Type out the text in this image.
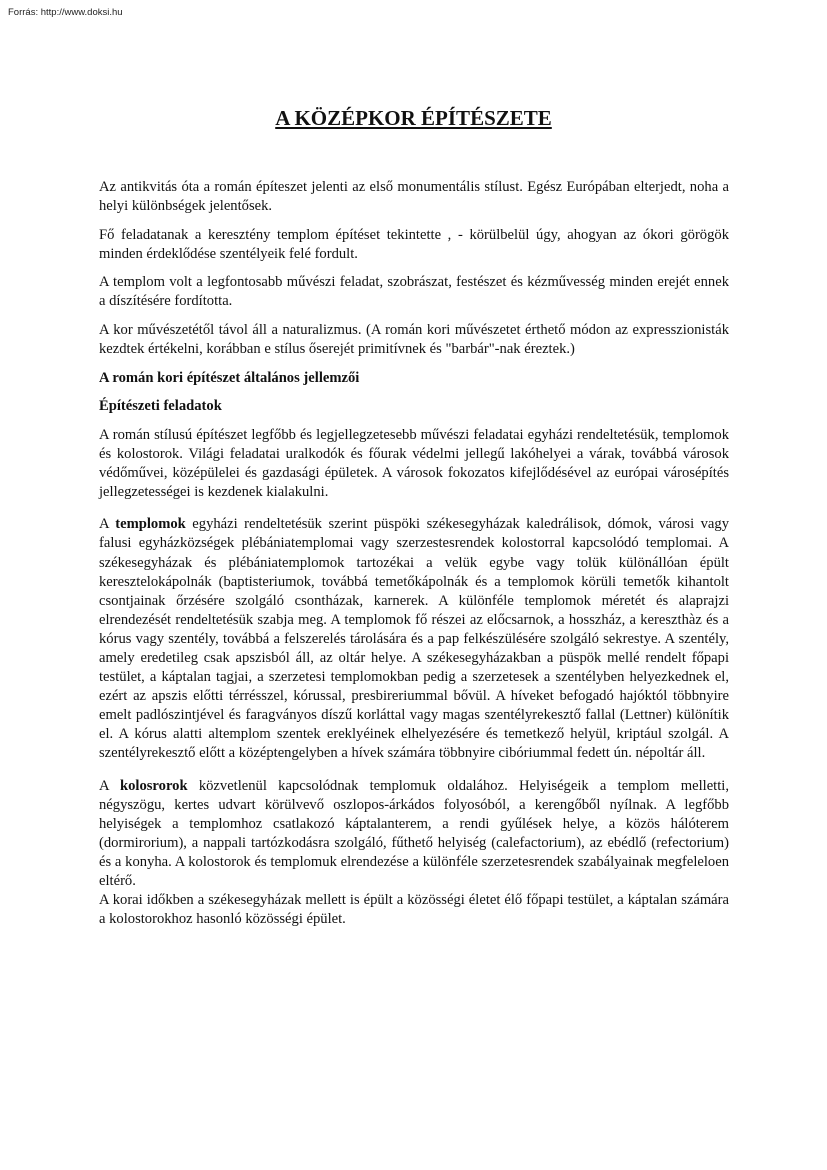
Forrás: http://www.doksi.hu
A KÖZÉPKOR ÉPÍTÉSZETE

Az antikvitás óta a román építeszet jelenti az első monumentális stílust. Egész Európában elterjedt, noha a helyi különbségek jelentősek.

Fő feladatanak a keresztény templom építéset tekintette , - körülbelül úgy, ahogyan az ókori görögök minden érdeklődése szentélyeik felé fordult.

A templom volt a legfontosabb művészi feladat, szobrászat, festészet és kézművesség minden erejét ennek a díszítésére fordította.

A kor művészetétől távol áll a naturalizmus. (A román kori művészetet érthető módon az expresszionisták kezdtek értékelni, korábban e stílus őserejét primitívnek és "barbár"-nak éreztek.)

A román kori építészet általános jellemzői
Építészeti feladatok

A román stílusú építészet legfőbb és legjellegzetesebb művészi feladatai egyházi rendeltetésük, templomok és kolostorok. Világi feladatai uralkodók és főurak védelmi jellegű lakóhelyei a várak, továbbá városok védőművei, középülelei és gazdasági épületek. A városok fokozatos kifejlődésével az európai városépítés jellegzetességei is kezdenek kialakulni.

A templomok egyházi rendeltetésük szerint püspöki székesegyházak kaledrálisok, dómok, városi vagy falusi egyházközségek plébániatemplomai vagy szerzestesrendek kolostorral kapcsolódó templomai. A székesegyházak és plébániatemplomok tartozékai a velük egybe vagy tolük különállóan épült keresztelokápolnák (baptisteriumok, továbbá temetőkápolnák és a templomok körüli temetők kihantolt csontjainak őrzésére szolgáló csontházak, karnerek. A különféle templomok méretét és alaprajzi elrendezését rendeltetésük szabja meg. A templomok fő részei az előcsarnok, a hosszház, a kereszthàz és a kórus vagy szentély, továbbá a felszerelés tárolására és a pap felkészülésére szolgáló sekrestye. A szentély, amely eredetileg csak apszisból áll, az oltár helye. A székesegyházakban a püspök mellé rendelt főpapi testület, a káptalan tagjai, a szerzetesi templomokban pedig a szerzetesek a szentélyben helyezkednek el, ezért az apszis előtti térrésszel, kórussal, presbireriummal bővül. A híveket befogadó hajóktól többnyire emelt padlószintjével és faragványos díszű korláttal vagy magas szentélyrekesztő fallal (Lettner) különítik el. A kórus alatti altemplom szentek ereklyéinek elhelyezésére és temetkező helyül, kriptául szolgál. A szentélyrekesztő előtt a középtengelyben a hívek számára többnyire cibóriummal fedett ún. népoltár áll.

A kolosrorok közvetlenül kapcsolódnak templomuk oldalához. Helyiségeik a templom melletti, négyszögu, kertes udvart körülvevő oszlopos-árkádos folyosóból, a kerengőből nyílnak. A legfőbb helyiségek a templomhoz csatlakozó káptalanterem, a rendi gyűlések helye, a közös hálóterem (dormirorium), a nappali tartózkodásra szolgáló, fűthető helyiség (calefactorium), az ebédlő (refectorium) és a konyha. A kolostorok és templomuk elrendezése a különféle szerzetesrendek szabályainak megfeleloen eltérő.

A korai időkben a székesegyházak mellett is épült a közösségi életet élő főpapi testület, a káptalan számára a kolostorokhoz hasonló közösségi épület.
